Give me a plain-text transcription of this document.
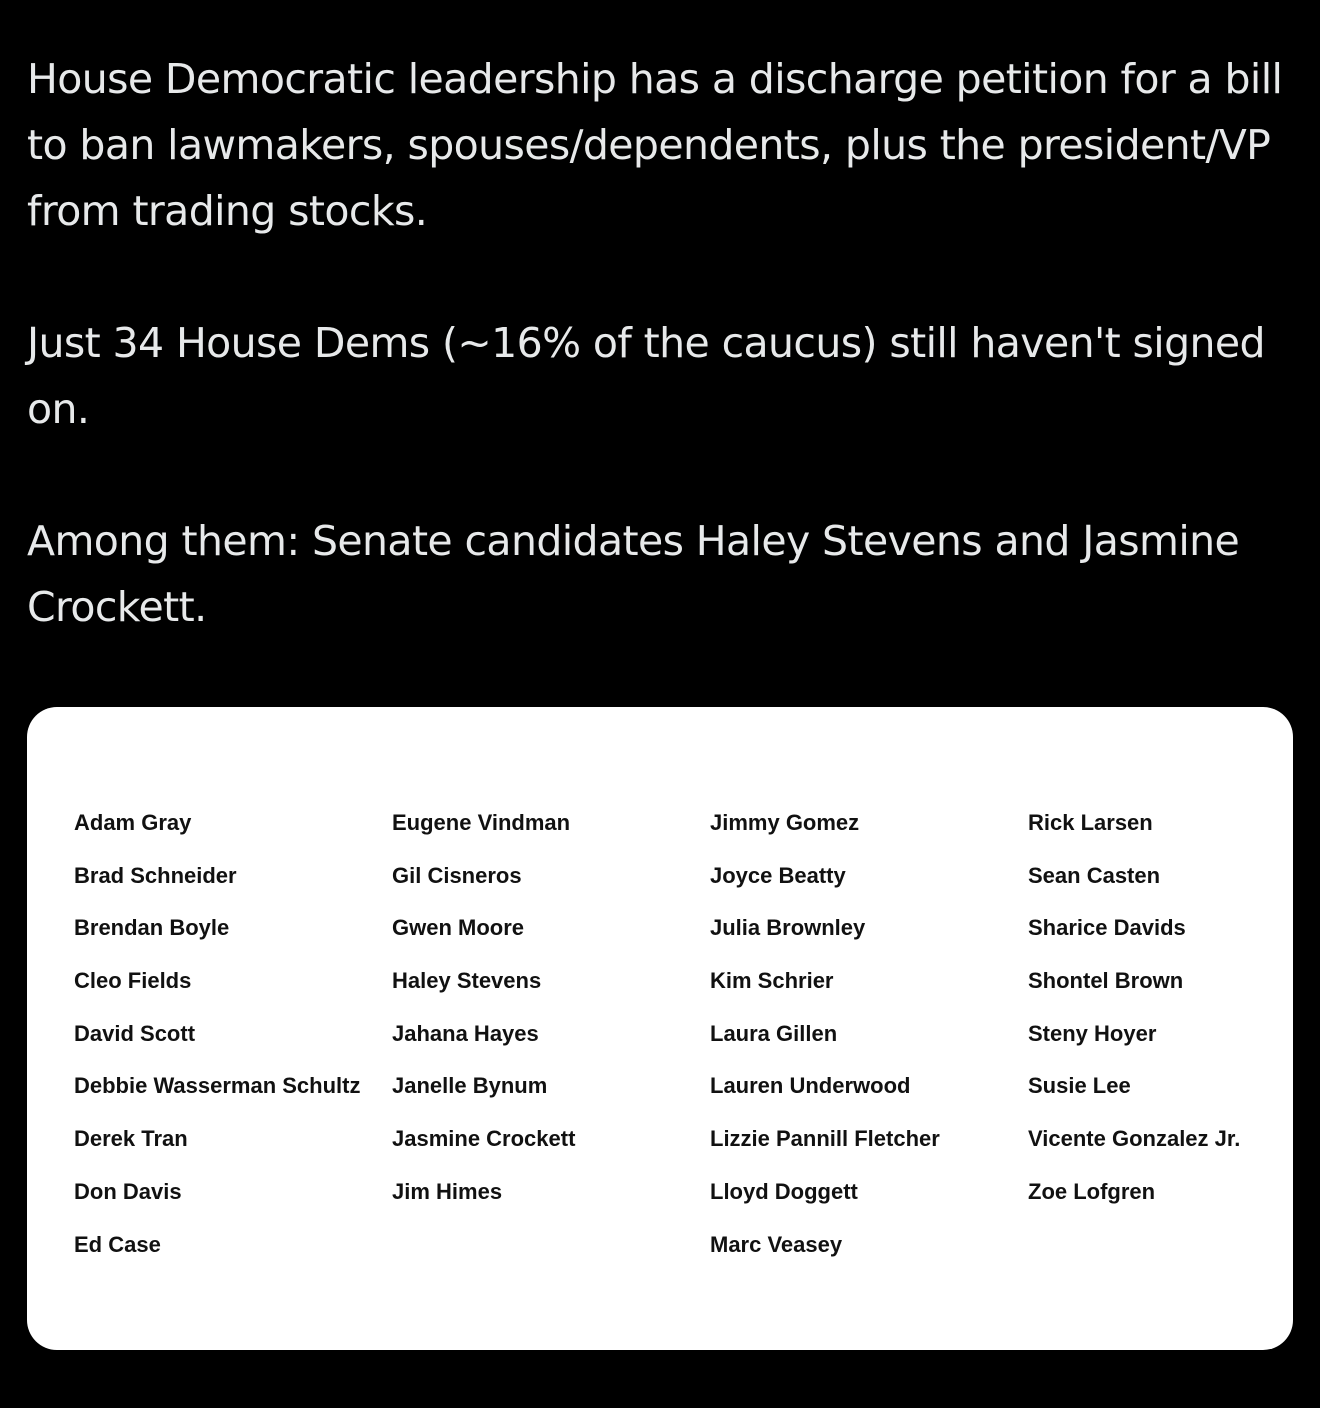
House Democratic leadership has a discharge petition for a bill to ban lawmakers, spouses/dependents, plus the president/VP from trading stocks.

Just 34 House Dems (~16% of the caucus) still haven't signed on.

Among them: Senate candidates Haley Stevens and Jasmine Crockett.

Adam Gray
Brad Schneider
Brendan Boyle
Cleo Fields
David Scott
Debbie Wasserman Schultz
Derek Tran
Don Davis
Ed Case
Eugene Vindman
Gil Cisneros
Gwen Moore
Haley Stevens
Jahana Hayes
Janelle Bynum
Jasmine Crockett
Jim Himes
Jimmy Gomez
Joyce Beatty
Julia Brownley
Kim Schrier
Laura Gillen
Lauren Underwood
Lizzie Pannill Fletcher
Lloyd Doggett
Marc Veasey
Rick Larsen
Sean Casten
Sharice Davids
Shontel Brown
Steny Hoyer
Susie Lee
Vicente Gonzalez Jr.
Zoe Lofgren
